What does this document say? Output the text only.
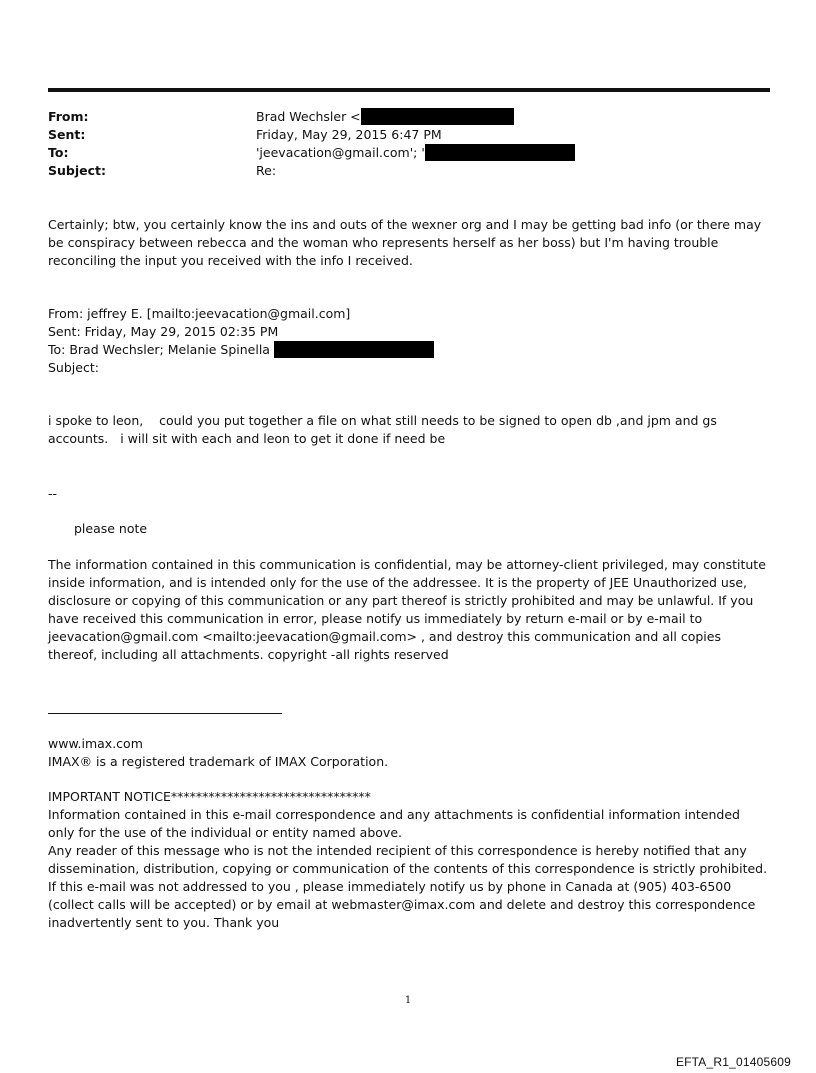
From:	Brad Wechsler <
Sent:	Friday, May 29, 2015 6:47 PM
To:	'jeevacation@gmail.com'; '
Subject:	Re:

Certainly; btw, you certainly know the ins and outs of the wexner org and I may be getting bad info (or there may be conspiracy between rebecca and the woman who represents herself as her boss) but I'm having trouble reconciling the input you received with the info I received.

From: jeffrey E. [mailto:jeevacation@gmail.com]
Sent: Friday, May 29, 2015 02:35 PM
To: Brad Wechsler; Melanie Spinella
Subject:

i spoke to leon,    could you put together a file on what still needs to be signed to open db ,and jpm and gs accounts.   i will sit with each and leon to get it done if need be

--
please note

The information contained in this communication is confidential, may be attorney-client privileged, may constitute inside information, and is intended only for the use of the addressee. It is the property of JEE Unauthorized use, disclosure or copying of this communication or any part thereof is strictly prohibited and may be unlawful. If you have received this communication in error, please notify us immediately by return e-mail or by e-mail to jeevacation@gmail.com <mailto:jeevacation@gmail.com> , and destroy this communication and all copies thereof, including all attachments. copyright -all rights reserved

www.imax.com
IMAX® is a registered trademark of IMAX Corporation.
IMPORTANT NOTICE********************************

Information contained in this e-mail correspondence and any attachments is confidential information intended only for the use of the individual or entity named above.

Any reader of this message who is not the intended recipient of this correspondence is hereby notified that any dissemination, distribution, copying or communication of the contents of this correspondence is strictly prohibited. If this e-mail was not addressed to you , please immediately notify us by phone in Canada at (905) 403-6500 (collect calls will be accepted) or by email at webmaster@imax.com and delete and destroy this correspondence inadvertently sent to you. Thank you

1
EFTA_R1_01405609
